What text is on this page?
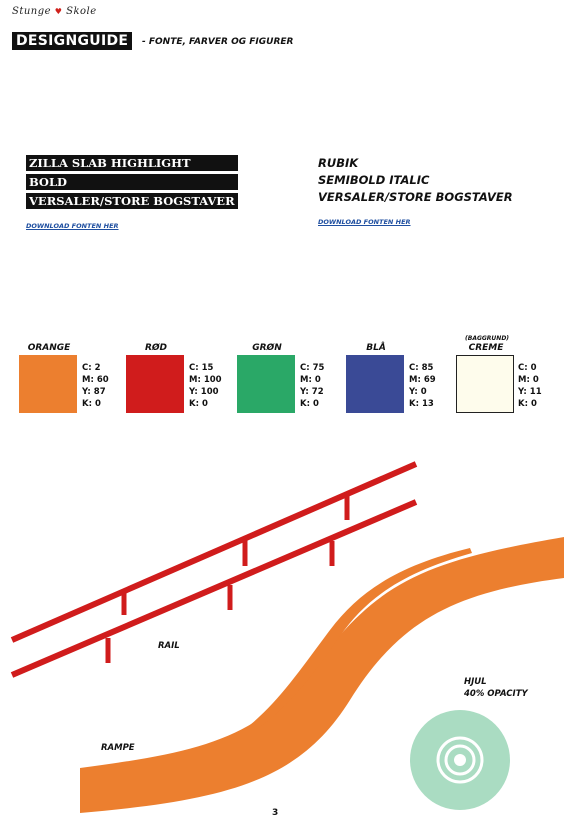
Stunge ♥ Skole
DESIGNGUIDE	- FONTE, FARVER OG FIGURER
ZILLA SLAB HIGHLIGHT
BOLD
VERSALER/STORE BOGSTAVER
DOWNLOAD FONTEN HER
RUBIK
SEMIBOLD ITALIC
VERSALER/STORE BOGSTAVER
DOWNLOAD FONTEN HER
ORANGE
C: 2
M: 60
Y: 87
K: 0
RØD
C: 15
M: 100
Y: 100
K: 0
GRØN
C: 75
M: 0
Y: 72
K: 0
BLÅ
C: 85
M: 69
Y: 0
K: 13
(BAGGRUND)
CREME
C: 0
M: 0
Y: 11
K: 0
RAIL
RAMPE
HJUL
40% OPACITY
3
